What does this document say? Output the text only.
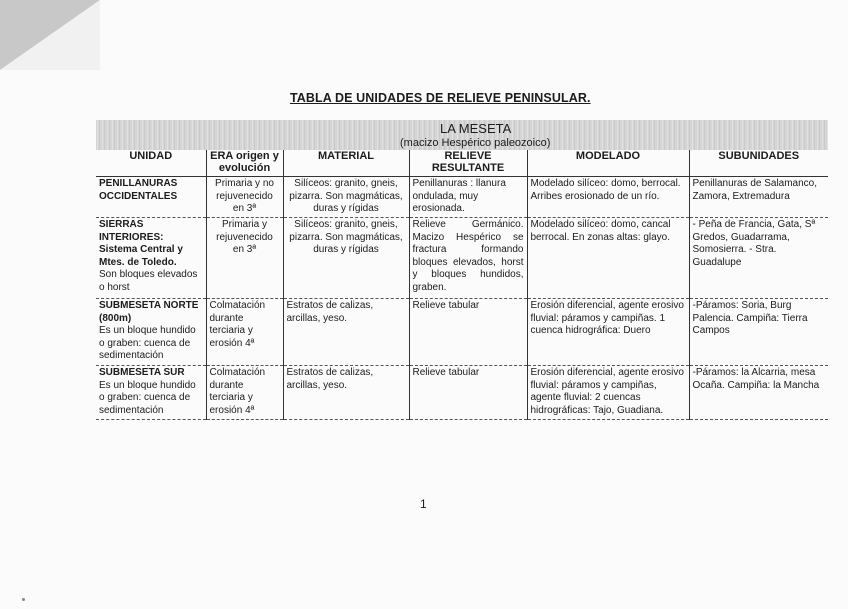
TABLA DE UNIDADES DE RELIEVE PENINSULAR.
LA MESETA
(macizo Hespérico paleozoico)
UNIDAD	ERA origen y evolución	MATERIAL	RELIEVE RESULTANTE	MODELADO	SUBUNIDADES

PENILLANURAS OCCIDENTALES	Primaria y no rejuvenecido en 3ª	Silíceos: granito, gneis, pizarra. Son magmáticas, duras y rígidas	Penillanuras : llanura ondulada, muy erosionada.	Modelado silíceo: domo, berrocal. Arribes erosionado de un río.	Penillanuras de Salamanco, Zamora, Extremadura

SIERRAS INTERIORES: Sistema Central y Mtes. de Toledo.
Son bloques elevados o horst	Primaria y rejuvenecido en 3ª	Silíceos: granito, gneis, pizarra. Son magmáticas, duras y rígidas	Relieve Germánico. Macizo Hespérico se fractura formando bloques elevados, horst y bloques hundidos, graben.	Modelado silíceo: domo, cancal berrocal. En zonas altas: glayo.	- Peña de Francia, Gata, Sª Gredos, Guadarrama, Somosierra. - Stra. Guadalupe

SUBMESETA NORTE (800m)
Es un bloque hundido o graben: cuenca de sedimentación	Colmatación durante terciaria y erosión 4ª	Estratos de calizas, arcillas, yeso.	Relieve tabular	Erosión diferencial, agente erosivo fluvial: páramos y campiñas. 1 cuenca hidrográfica: Duero	-Páramos: Soria, Burg Palencia. Campiña: Tierra Campos

SUBMESETA SUR
Es un bloque hundido o graben: cuenca de sedimentación	Colmatación durante terciaria y erosión 4ª	Estratos de calizas, arcillas, yeso.	Relieve tabular	Erosión diferencial, agente erosivo fluvial: páramos y campiñas, agente fluvial: 2 cuencas hidrográficas: Tajo, Guadiana.	-Páramos: la Alcarria, mesa Ocaña. Campiña: la Mancha
1
